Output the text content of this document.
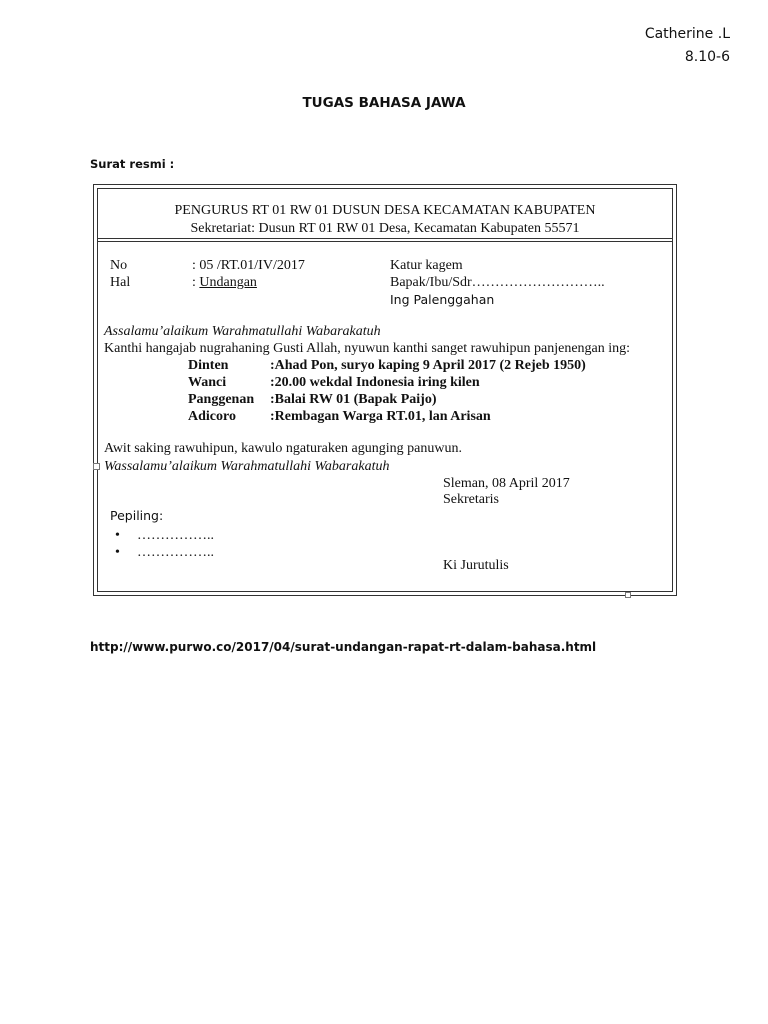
Catherine .L
8.10-6
TUGAS BAHASA JAWA
Surat resmi :
PENGURUS RT 01 RW 01 DUSUN DESA KECAMATAN KABUPATEN
Sekretariat: Dusun RT 01 RW 01 Desa, Kecamatan Kabupaten 55571
No	: 05 /RT.01/IV/2017
Hal	: Undangan
Katur kagem
Bapak/Ibu/Sdr………………………..
Ing Palenggahan
Assalamu’alaikum Warahmatullahi Wabarakatuh
Kanthi hangajab nugrahaning Gusti Allah, nyuwun kanthi sanget rawuhipun panjenengan ing:
Dinten	:Ahad Pon, suryo kaping 9 April 2017 (2 Rejeb 1950)
Wanci	:20.00 wekdal Indonesia iring kilen
Panggenan :Balai RW 01 (Bapak Paijo)
Adicoro :Rembagan Warga RT.01, lan Arisan
Awit saking rawuhipun, kawulo ngaturaken agunging panuwun.
Wassalamu’alaikum Warahmatullahi Wabarakatuh
Sleman, 08 April 2017
Sekretaris
Ki Jurutulis
Pepiling:
• ……………..
• ……………..
http://www.purwo.co/2017/04/surat-undangan-rapat-rt-dalam-bahasa.html
